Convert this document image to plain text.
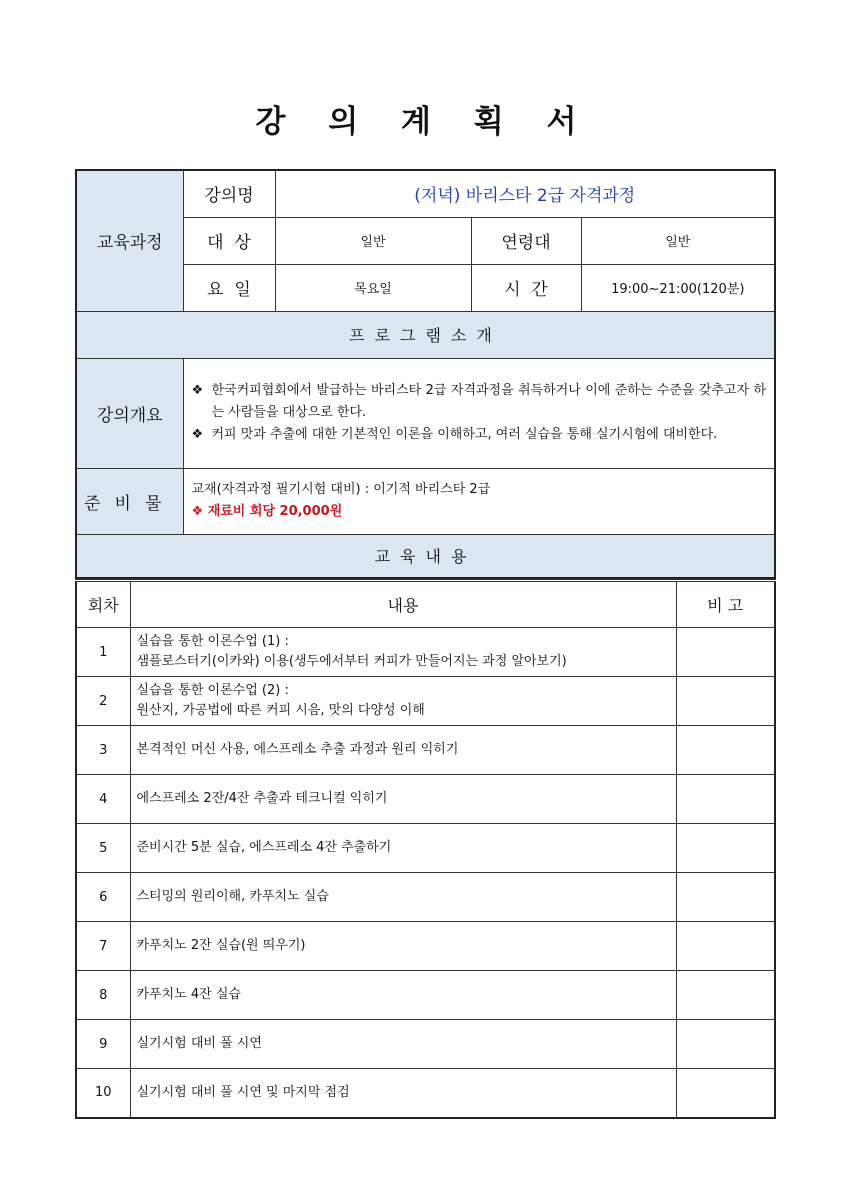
강 의 계 획 서
교육과정	강의명	(저녁) 바리스타 2급 자격과정		
	대  상	일반	연령대	일반
	요  일	목요일	시  간	19:00~21:00(120분)
프로그램소개				
강의개요	❖ 한국커피협회에서 발급하는 바리스타 2급 자격과정을 취득하거나 이에 준하는 수준을 갖추고자 하는 사람들을 대상으로 한다.
❖ 커피 맛과 추출에 대한 기본적인 이론을 이해하고, 여러 실습을 통해 실기시험에 대비한다.			

준비물	교재(자격과정 필기시험 대비) : 이기적 바리스타 2급
❖ 재료비 회당 20,000원			

교육내용				
회차	내용	비 고
1	실습을 통한 이론수업 (1) :
샘플로스터기(이카와) 이용(생두에서부터 커피가 만들어지는 과정 알아보기)	

2	실습을 통한 이론수업 (2) :
원산지, 가공법에 따른 커피 시음, 맛의 다양성 이해	

3	본격적인 머신 사용, 에스프레소 추출 과정과 원리 익히기	

4	에스프레소 2잔/4잔 추출과 테크니컬 익히기	

5	준비시간 5분 실습, 에스프레소 4잔 추출하기	

6	스티밍의 원리이해, 카푸치노 실습	

7	카푸치노 2잔 실습(원 띄우기)	

8	카푸치노 4잔 실습	

9	실기시험 대비 풀 시연	

10	실기시험 대비 풀 시연 및 마지막 점검	
